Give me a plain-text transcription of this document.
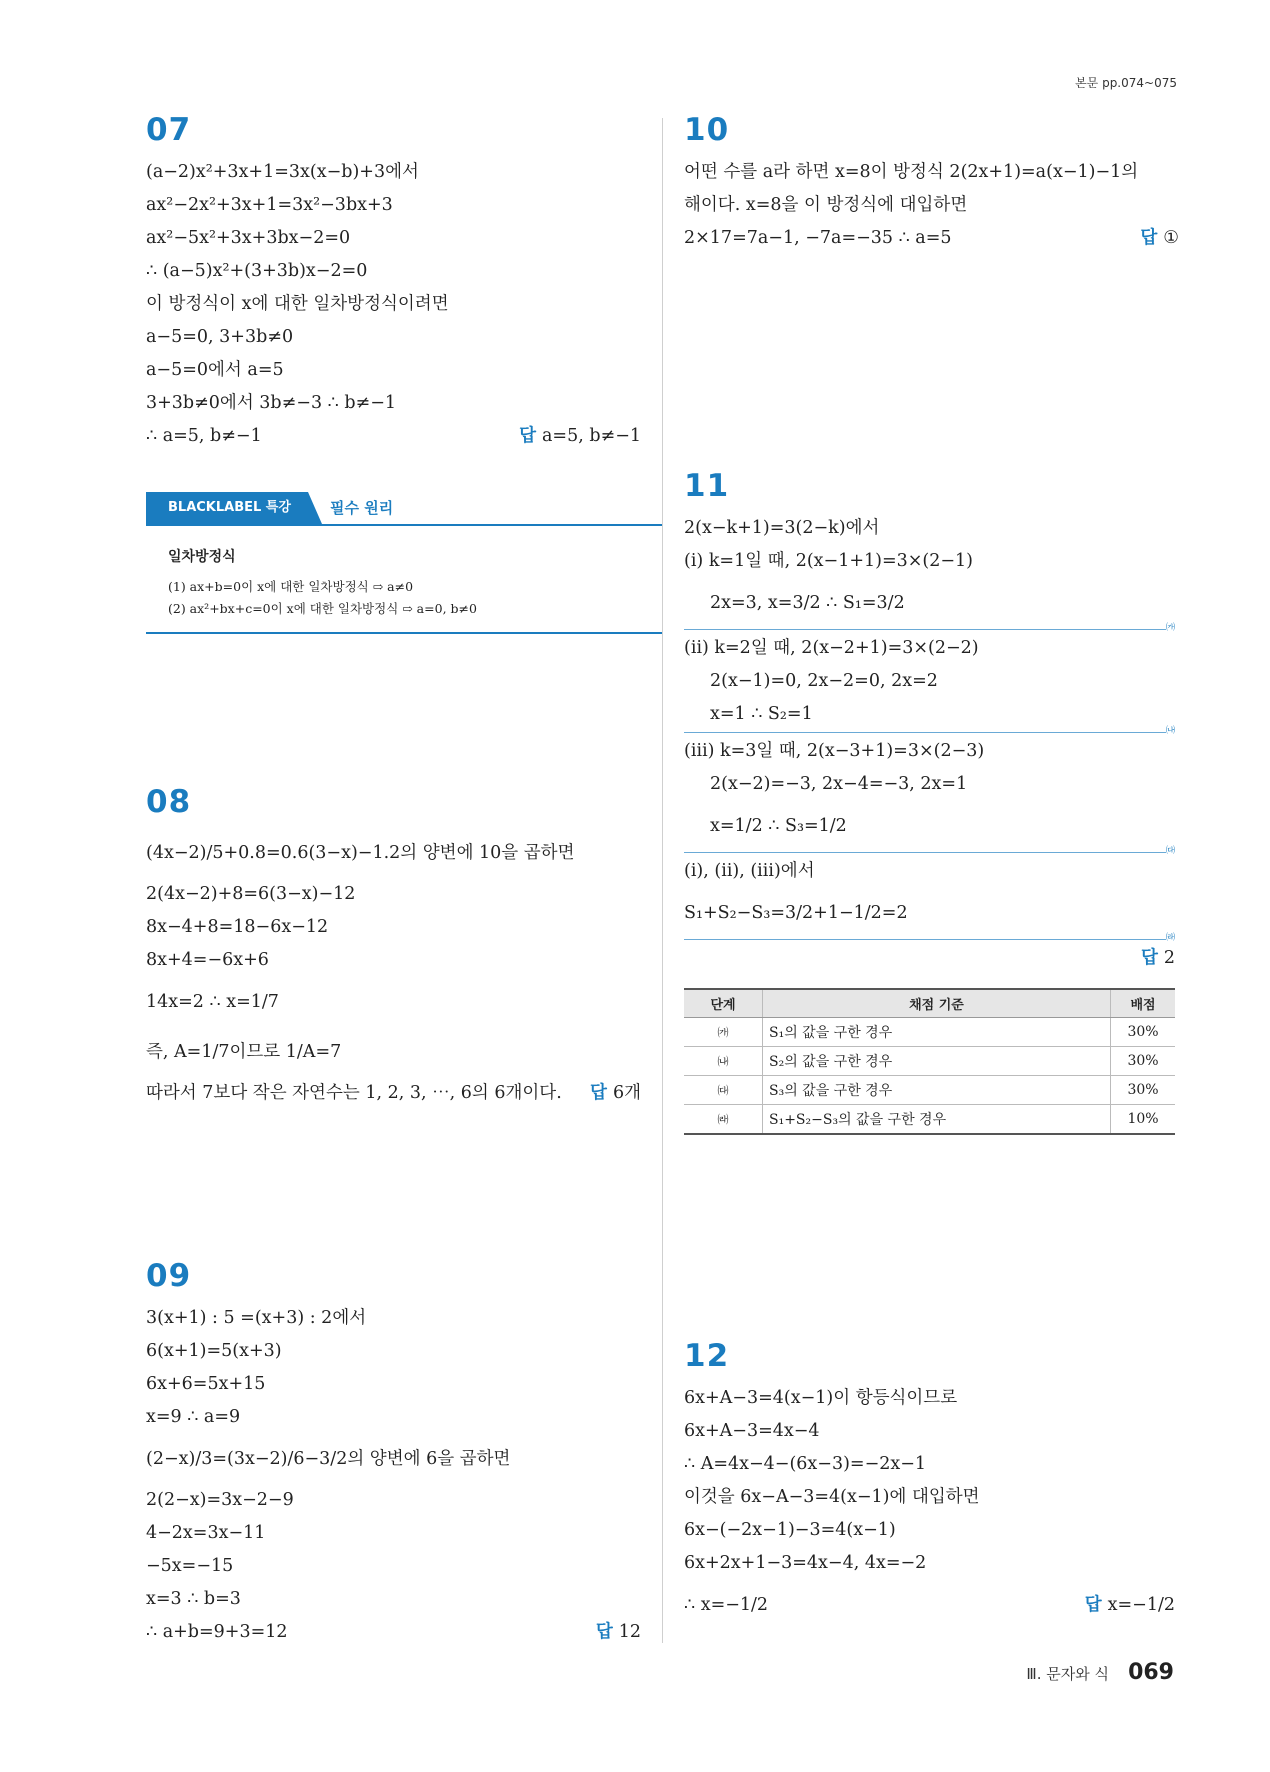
본문 pp.074~075
07
(a−2)x²+3x+1=3x(x−b)+3에서
ax²−2x²+3x+1=3x²−3bx+3
ax²−5x²+3x+3bx−2=0
∴ (a−5)x²+(3+3b)x−2=0
이 방정식이 x에 대한 일차방정식이려면
a−5=0, 3+3b≠0
a−5=0에서 a=5
3+3b≠0에서 3b≠−3 ∴ b≠−1
∴ a=5, b≠−1	답 a=5, b≠−1
08
(4x−2)/5+0.8=0.6(3−x)−1.2의 양변에 10을 곱하면
2(4x−2)+8=6(3−x)−12
8x−4+8=18−6x−12
8x+4=−6x+6
14x=2 ∴ x=1/7
즉, A=1/7이므로 1/A=7
따라서 7보다 작은 자연수는 1, 2, 3, ⋯, 6의 6개이다. 답 6개
09
3(x+1) : 5 =(x+3) : 2에서
6(x+1)=5(x+3)
6x+6=5x+15
x=9 ∴ a=9
(2−x)/3=(3x−2)/6−3/2의 양변에 6을 곱하면
2(2−x)=3x−2−9
4−2x=3x−11
−5x=−15
x=3 ∴ b=3
∴ a+b=9+3=12	답 12
BLACKLABEL 특강	필수 원리
일차방정식
(1) ax+b=0이 x에 대한 일차방정식 ⇨ a≠0
(2) ax²+bx+c=0이 x에 대한 일차방정식 ⇨ a=0, b≠0
10
어떤 수를 a라 하면 x=8이 방정식 2(2x+1)=a(x−1)−1의
해이다. x=8을 이 방정식에 대입하면
2×17=7a−1, −7a=−35 ∴ a=5	답 ①
11
2(x−k+1)=3(2−k)에서
(ⅰ) k=1일 때, 2(x−1+1)=3×(2−1)
2x=3, x=3/2 ∴ S₁=3/2
㈎
(ⅱ) k=2일 때, 2(x−2+1)=3×(2−2)
2(x−1)=0, 2x−2=0, 2x=2
x=1 ∴ S₂=1
㈏
(ⅲ) k=3일 때, 2(x−3+1)=3×(2−3)
2(x−2)=−3, 2x−4=−3, 2x=1
x=1/2 ∴ S₃=1/2
㈐
(ⅰ), (ⅱ), (ⅲ)에서
S₁+S₂−S₃=3/2+1−1/2=2
㈑
답 2
12
6x+A−3=4(x−1)이 항등식이므로
6x+A−3=4x−4
∴ A=4x−4−(6x−3)=−2x−1
이것을 6x−A−3=4(x−1)에 대입하면
6x−(−2x−1)−3=4(x−1)
6x+2x+1−3=4x−4, 4x=−2
∴ x=−1/2	답 x=−1/2
단계	채점 기준	배점
㈎	S₁의 값을 구한 경우	30%
㈏	S₂의 값을 구한 경우	30%
㈐	S₃의 값을 구한 경우	30%
㈑	S₁+S₂−S₃의 값을 구한 경우	10%
Ⅲ. 문자와 식 069
